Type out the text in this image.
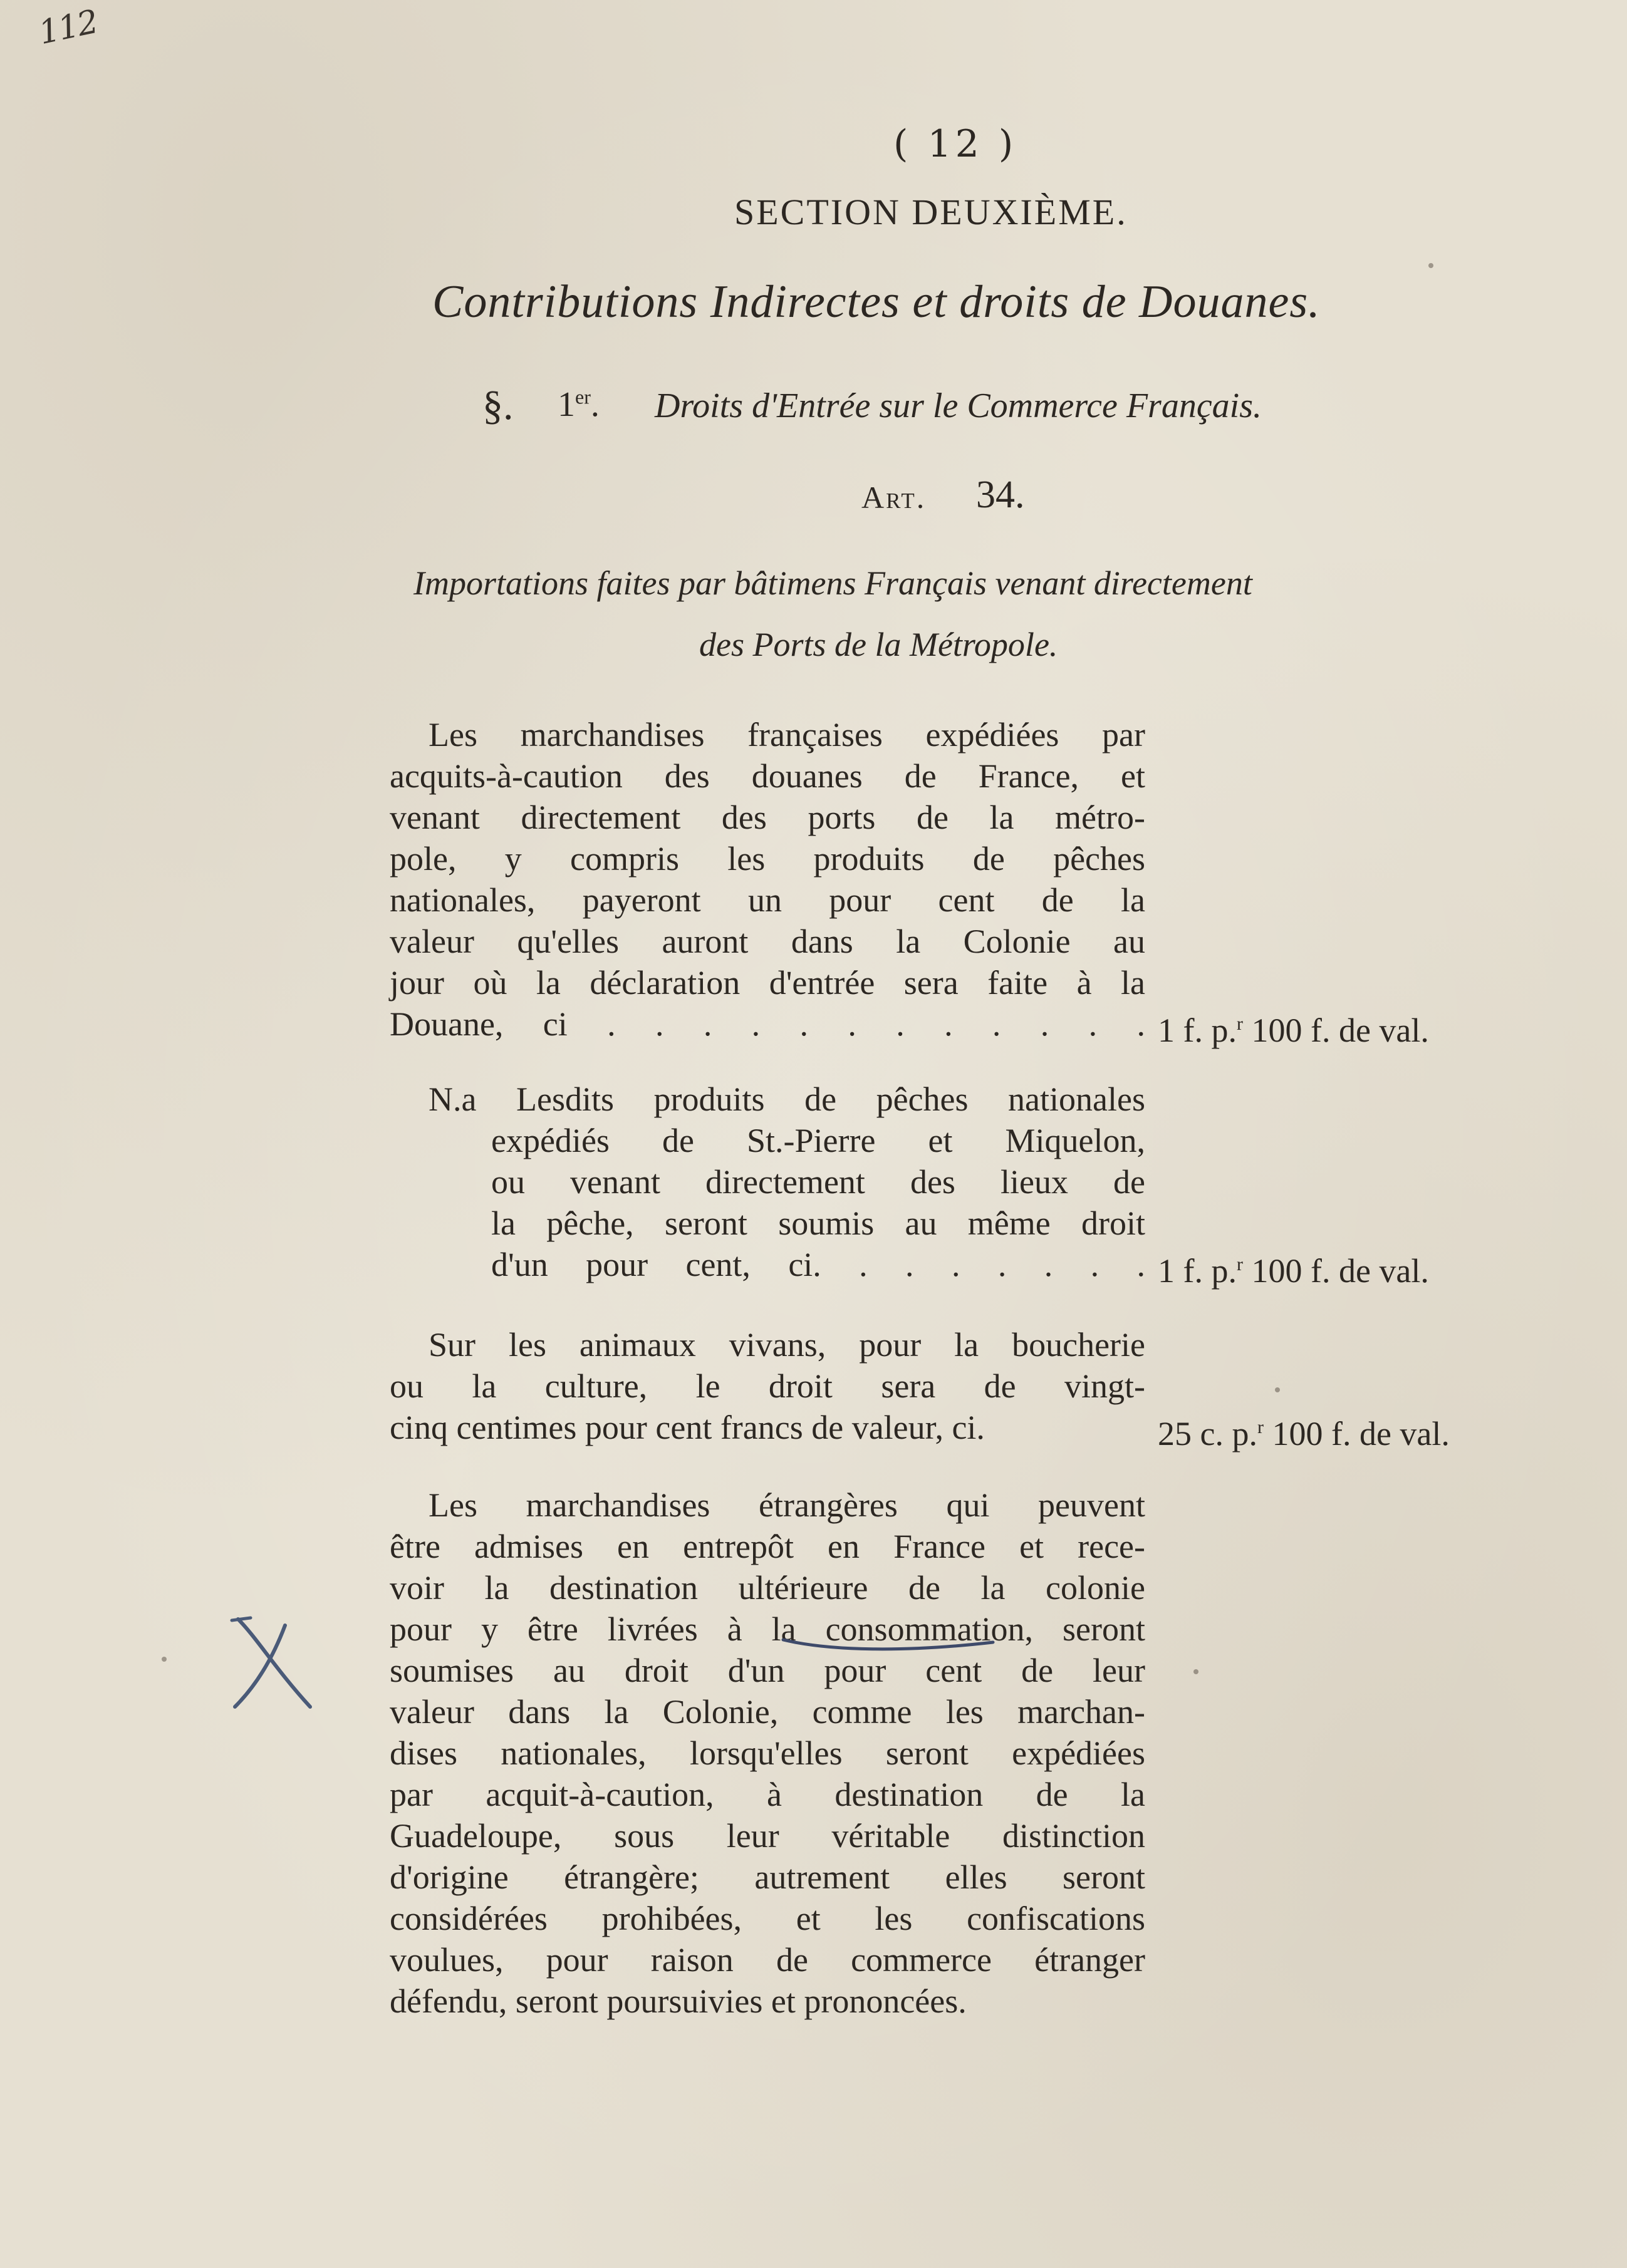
112
( 12 )
SECTION DEUXIÈME.
Contributions Indirectes et droits de Douanes.
§. 1er. Droits d'Entrée sur le Commerce Français.
Art. 34.
Importations faites par bâtimens Français venant directement
des Ports de la Métropole.
Les marchandises françaises expédiées par
acquits-à-caution des douanes de France, et
venant directement des ports de la métro-
pole, y compris les produits de pêches
nationales, payeront un pour cent de la
valeur qu'elles auront dans la Colonie au
jour où la déclaration d'entrée sera faite à la
Douane, ci . . . . . . . . . . . . 1 f. p.$^r$ 100 f. de val.
N.a Lesdits produits de pêches nationales
expédiés de St.-Pierre et Miquelon,
ou venant directement des lieux de
la pêche, seront soumis au même droit
d'un pour cent, ci. . . . . . . . 1 f. p.$^r$ 100 f. de val.
Sur les animaux vivans, pour la boucherie
ou la culture, le droit sera de vingt-
cinq centimes pour cent francs de valeur, ci.	25 c. p.$^r$ 100 f. de val.
Les marchandises étrangères qui peuvent
être admises en entrepôt en France et rece-
voir la destination ultérieure de la colonie
pour y être livrées à la consommation, seront
soumises au droit d'un pour cent de leur
valeur dans la Colonie, comme les marchan-
dises nationales, lorsqu'elles seront expédiées
par acquit-à-caution, à destination de la
Guadeloupe, sous leur véritable distinction
d'origine étrangère; autrement elles seront
considérées prohibées, et les confiscations
voulues, pour raison de commerce étranger
défendu, seront poursuivies et prononcées.
